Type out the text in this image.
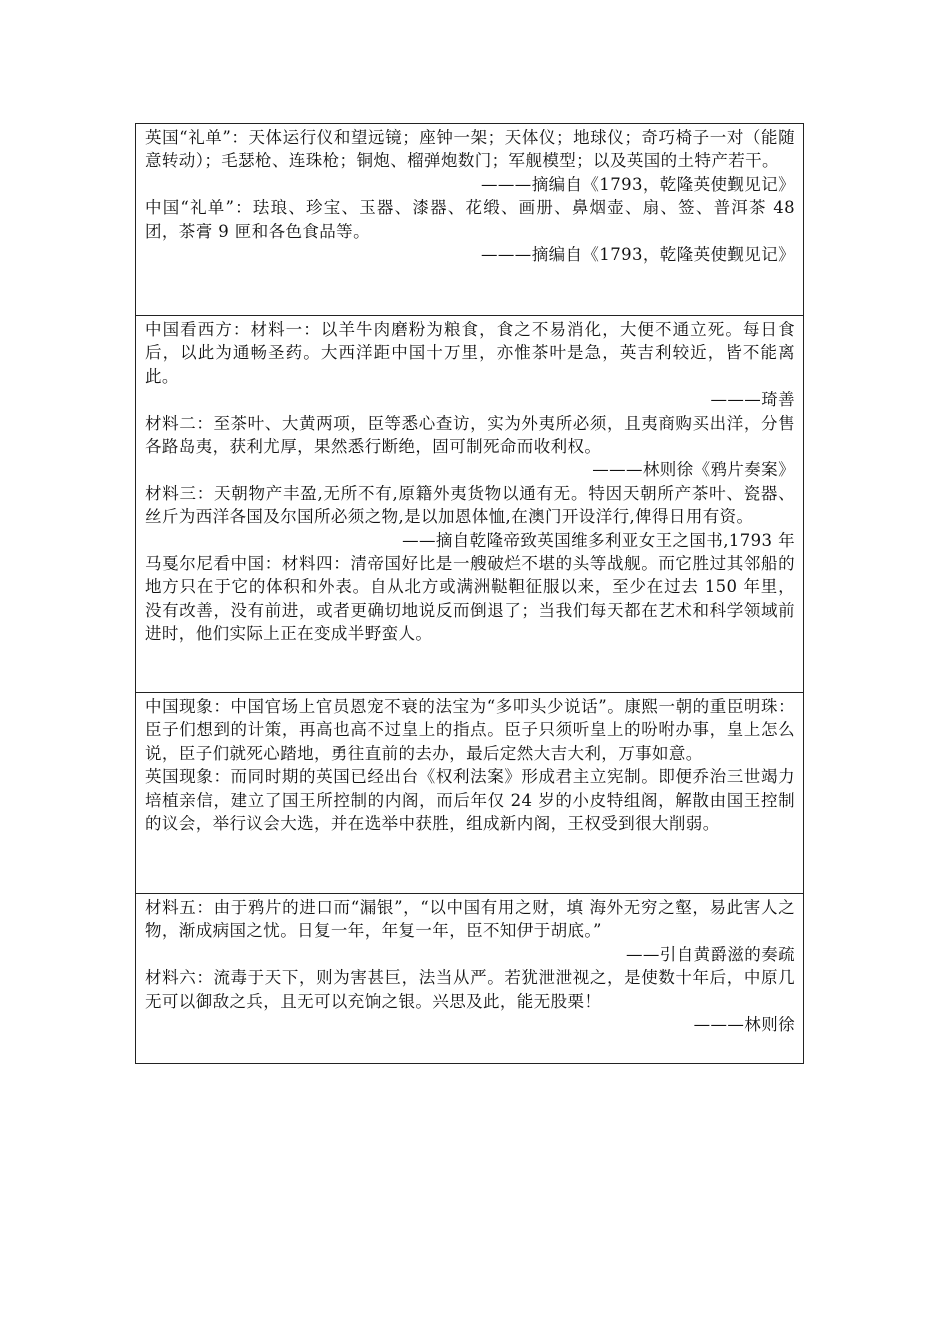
英国“礼单”：天体运行仪和望远镜；座钟一架；天体仪；地球仪；奇巧椅子一对（能随意转动）；毛瑟枪、连珠枪；铜炮、榴弹炮数门；军舰模型；以及英国的土特产若干。

———摘编自《1793，乾隆英使觐见记》

中国“礼单”：珐琅、珍宝、玉器、漆器、花缎、画册、鼻烟壶、扇、签、普洱茶 48 团，茶膏 9 匣和各色食品等。

———摘编自《1793，乾隆英使觐见记》

中国看西方：材料一：以羊牛肉磨粉为粮食，食之不易消化，大便不通立死。每日食后，以此为通畅圣药。大西洋距中国十万里，亦惟茶叶是急，英吉利较近，皆不能离此。

———琦善

材料二：至茶叶、大黄两项，臣等悉心查访，实为外夷所必须，且夷商购买出洋，分售各路岛夷，获利尤厚，果然悉行断绝，固可制死命而收利权。

———林则徐《鸦片奏案》

材料三：天朝物产丰盈,无所不有,原籍外夷货物以通有无。特因天朝所产茶叶、瓷器、丝斤为西洋各国及尔国所必须之物,是以加恩体恤,在澳门开设洋行,俾得日用有资。

——摘自乾隆帝致英国维多利亚女王之国书,1793 年

马戛尔尼看中国：材料四：清帝国好比是一艘破烂不堪的头等战舰。而它胜过其邻船的地方只在于它的体积和外表。自从北方或满洲鞑靼征服以来，至少在过去 150 年里，没有改善，没有前进，或者更确切地说反而倒退了；当我们每天都在艺术和科学领域前进时，他们实际上正在变成半野蛮人。

中国现象：中国官场上官员恩宠不衰的法宝为“多叩头少说话”。康熙一朝的重臣明珠：臣子们想到的计策，再高也高不过皇上的指点。臣子只须听皇上的吩咐办事，皇上怎么说，臣子们就死心踏地，勇往直前的去办，最后定然大吉大利，万事如意。

英国现象：而同时期的英国已经出台《权利法案》形成君主立宪制。即便乔治三世竭力培植亲信，建立了国王所控制的内阁，而后年仅 24 岁的小皮特组阁，解散由国王控制的议会，举行议会大选，并在选举中获胜，组成新内阁，王权受到很大削弱。

材料五：由于鸦片的进口而“漏银”，“以中国有用之财，填 海外无穷之壑，易此害人之物，渐成病国之忧。日复一年，年复一年，臣不知伊于胡底。”

——引自黄爵滋的奏疏

材料六：流毒于天下，则为害甚巨，法当从严。若犹泄泄视之，是使数十年后，中原几无可以御敌之兵，且无可以充饷之银。兴思及此，能无股栗！

———林则徐
